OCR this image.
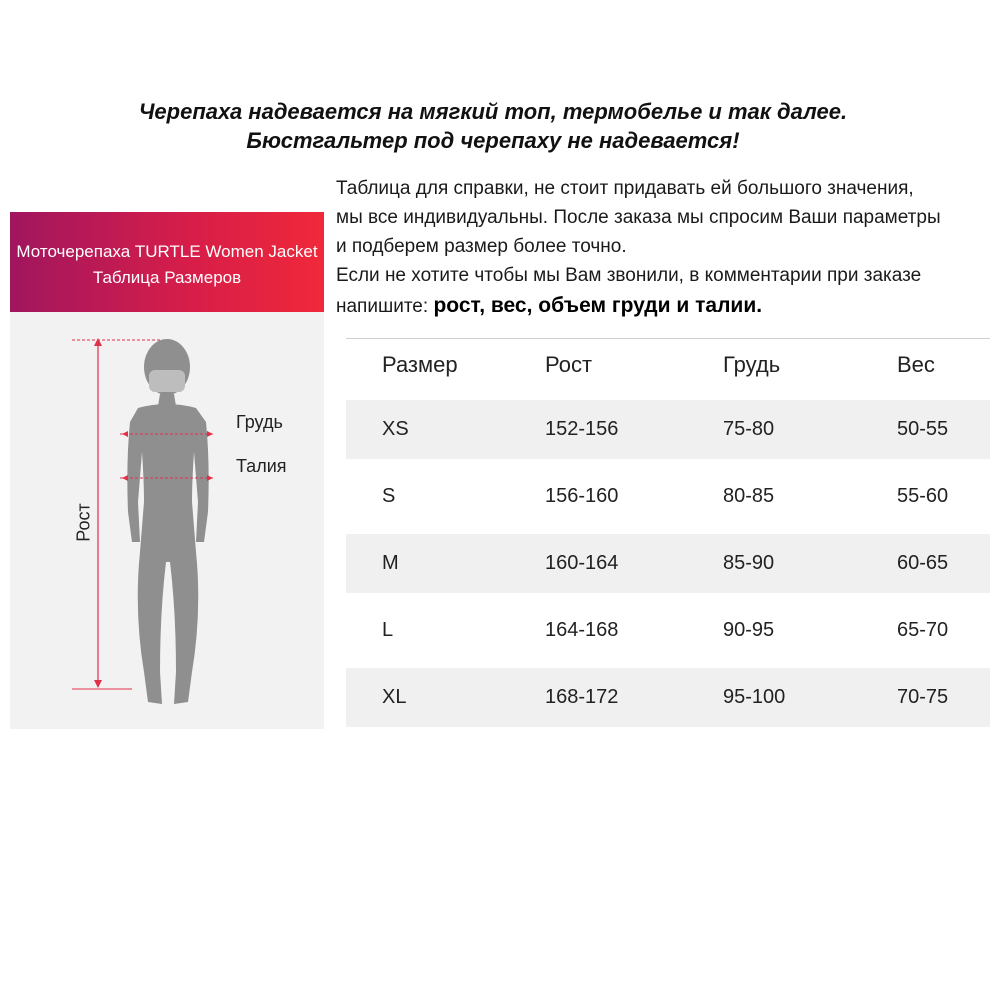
Черепаха надевается на мягкий топ, термобелье и так далее.
Бюстгальтер под черепаху не надевается!
Таблица для справки, не стоит придавать ей большого значения,
мы все индивидуальны. После заказа мы спросим Ваши параметры
и подберем размер более точно.
Если не хотите чтобы мы Вам звонили, в комментарии при заказе
напишите: рост, вес, объем груди и талии.
Моточерепаха TURTLE Women Jacket
Таблица Размеров
Грудь
Талия
Рост
Размер	Рост	Грудь	Вес
XS	152-156	75-80	50-55
S	156-160	80-85	55-60
M	160-164	85-90	60-65
L	164-168	90-95	65-70
XL	168-172	95-100	70-75
